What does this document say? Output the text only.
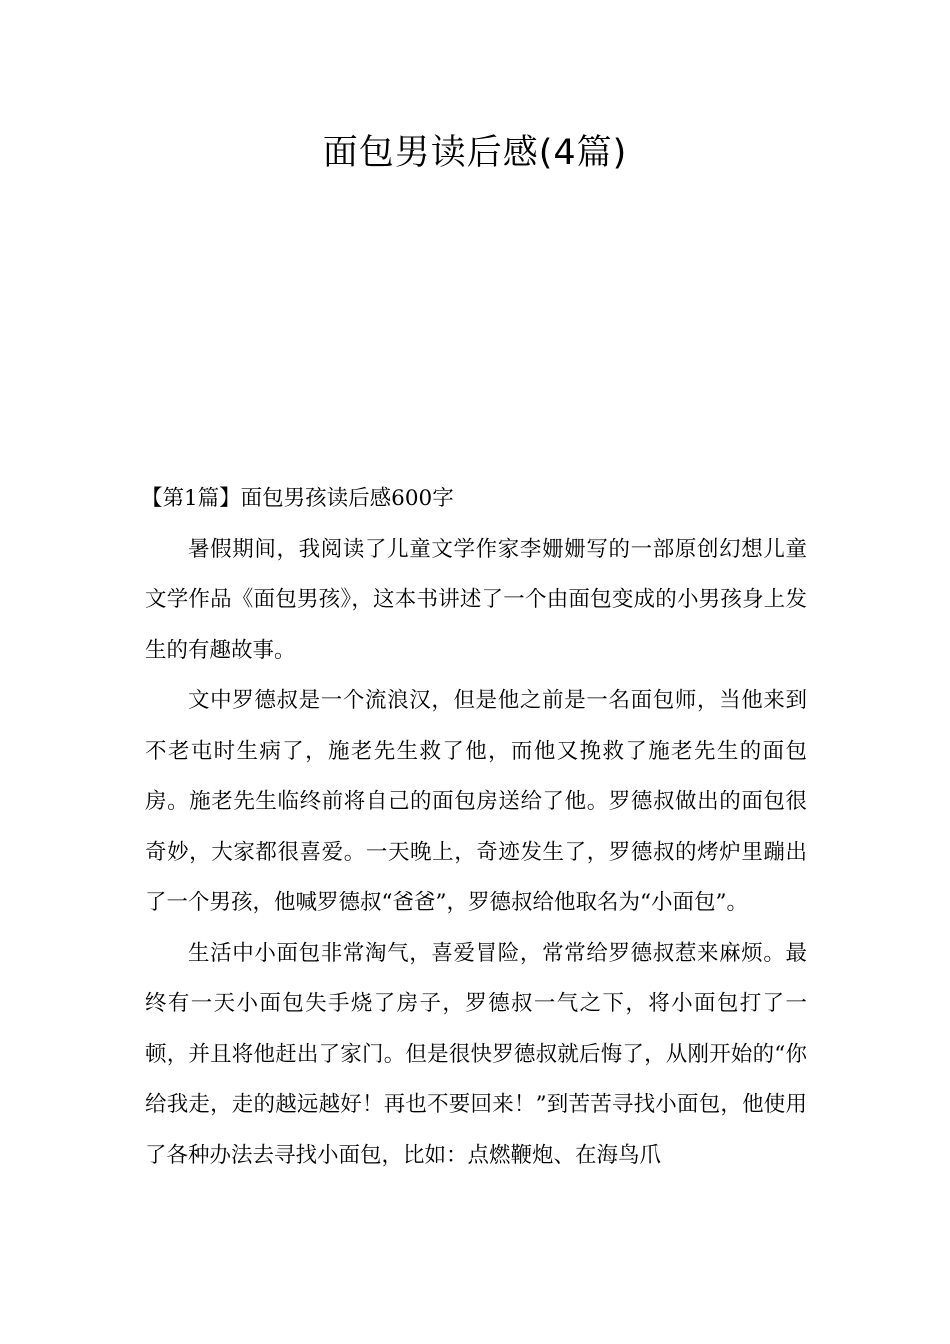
面包男读后感(4篇)
【第1篇】面包男孩读后感600字

暑假期间，我阅读了儿童文学作家李姗姗写的一部原创幻想儿童文学作品《面包男孩》，这本书讲述了一个由面包变成的小男孩身上发生的有趣故事。

文中罗德叔是一个流浪汉，但是他之前是一名面包师，当他来到不老屯时生病了，施老先生救了他，而他又挽救了施老先生的面包房。施老先生临终前将自己的面包房送给了他。罗德叔做出的面包很奇妙，大家都很喜爱。一天晚上，奇迹发生了，罗德叔的烤炉里蹦出了一个男孩，他喊罗德叔“爸爸”，罗德叔给他取名为“小面包”。

生活中小面包非常淘气，喜爱冒险，常常给罗德叔惹来麻烦。最终有一天小面包失手烧了房子，罗德叔一气之下，将小面包打了一顿，并且将他赶出了家门。但是很快罗德叔就后悔了，从刚开始的“你给我走，走的越远越好！再也不要回来！”到苦苦寻找小面包，他使用了各种办法去寻找小面包，比如：点燃鞭炮、在海鸟爪
